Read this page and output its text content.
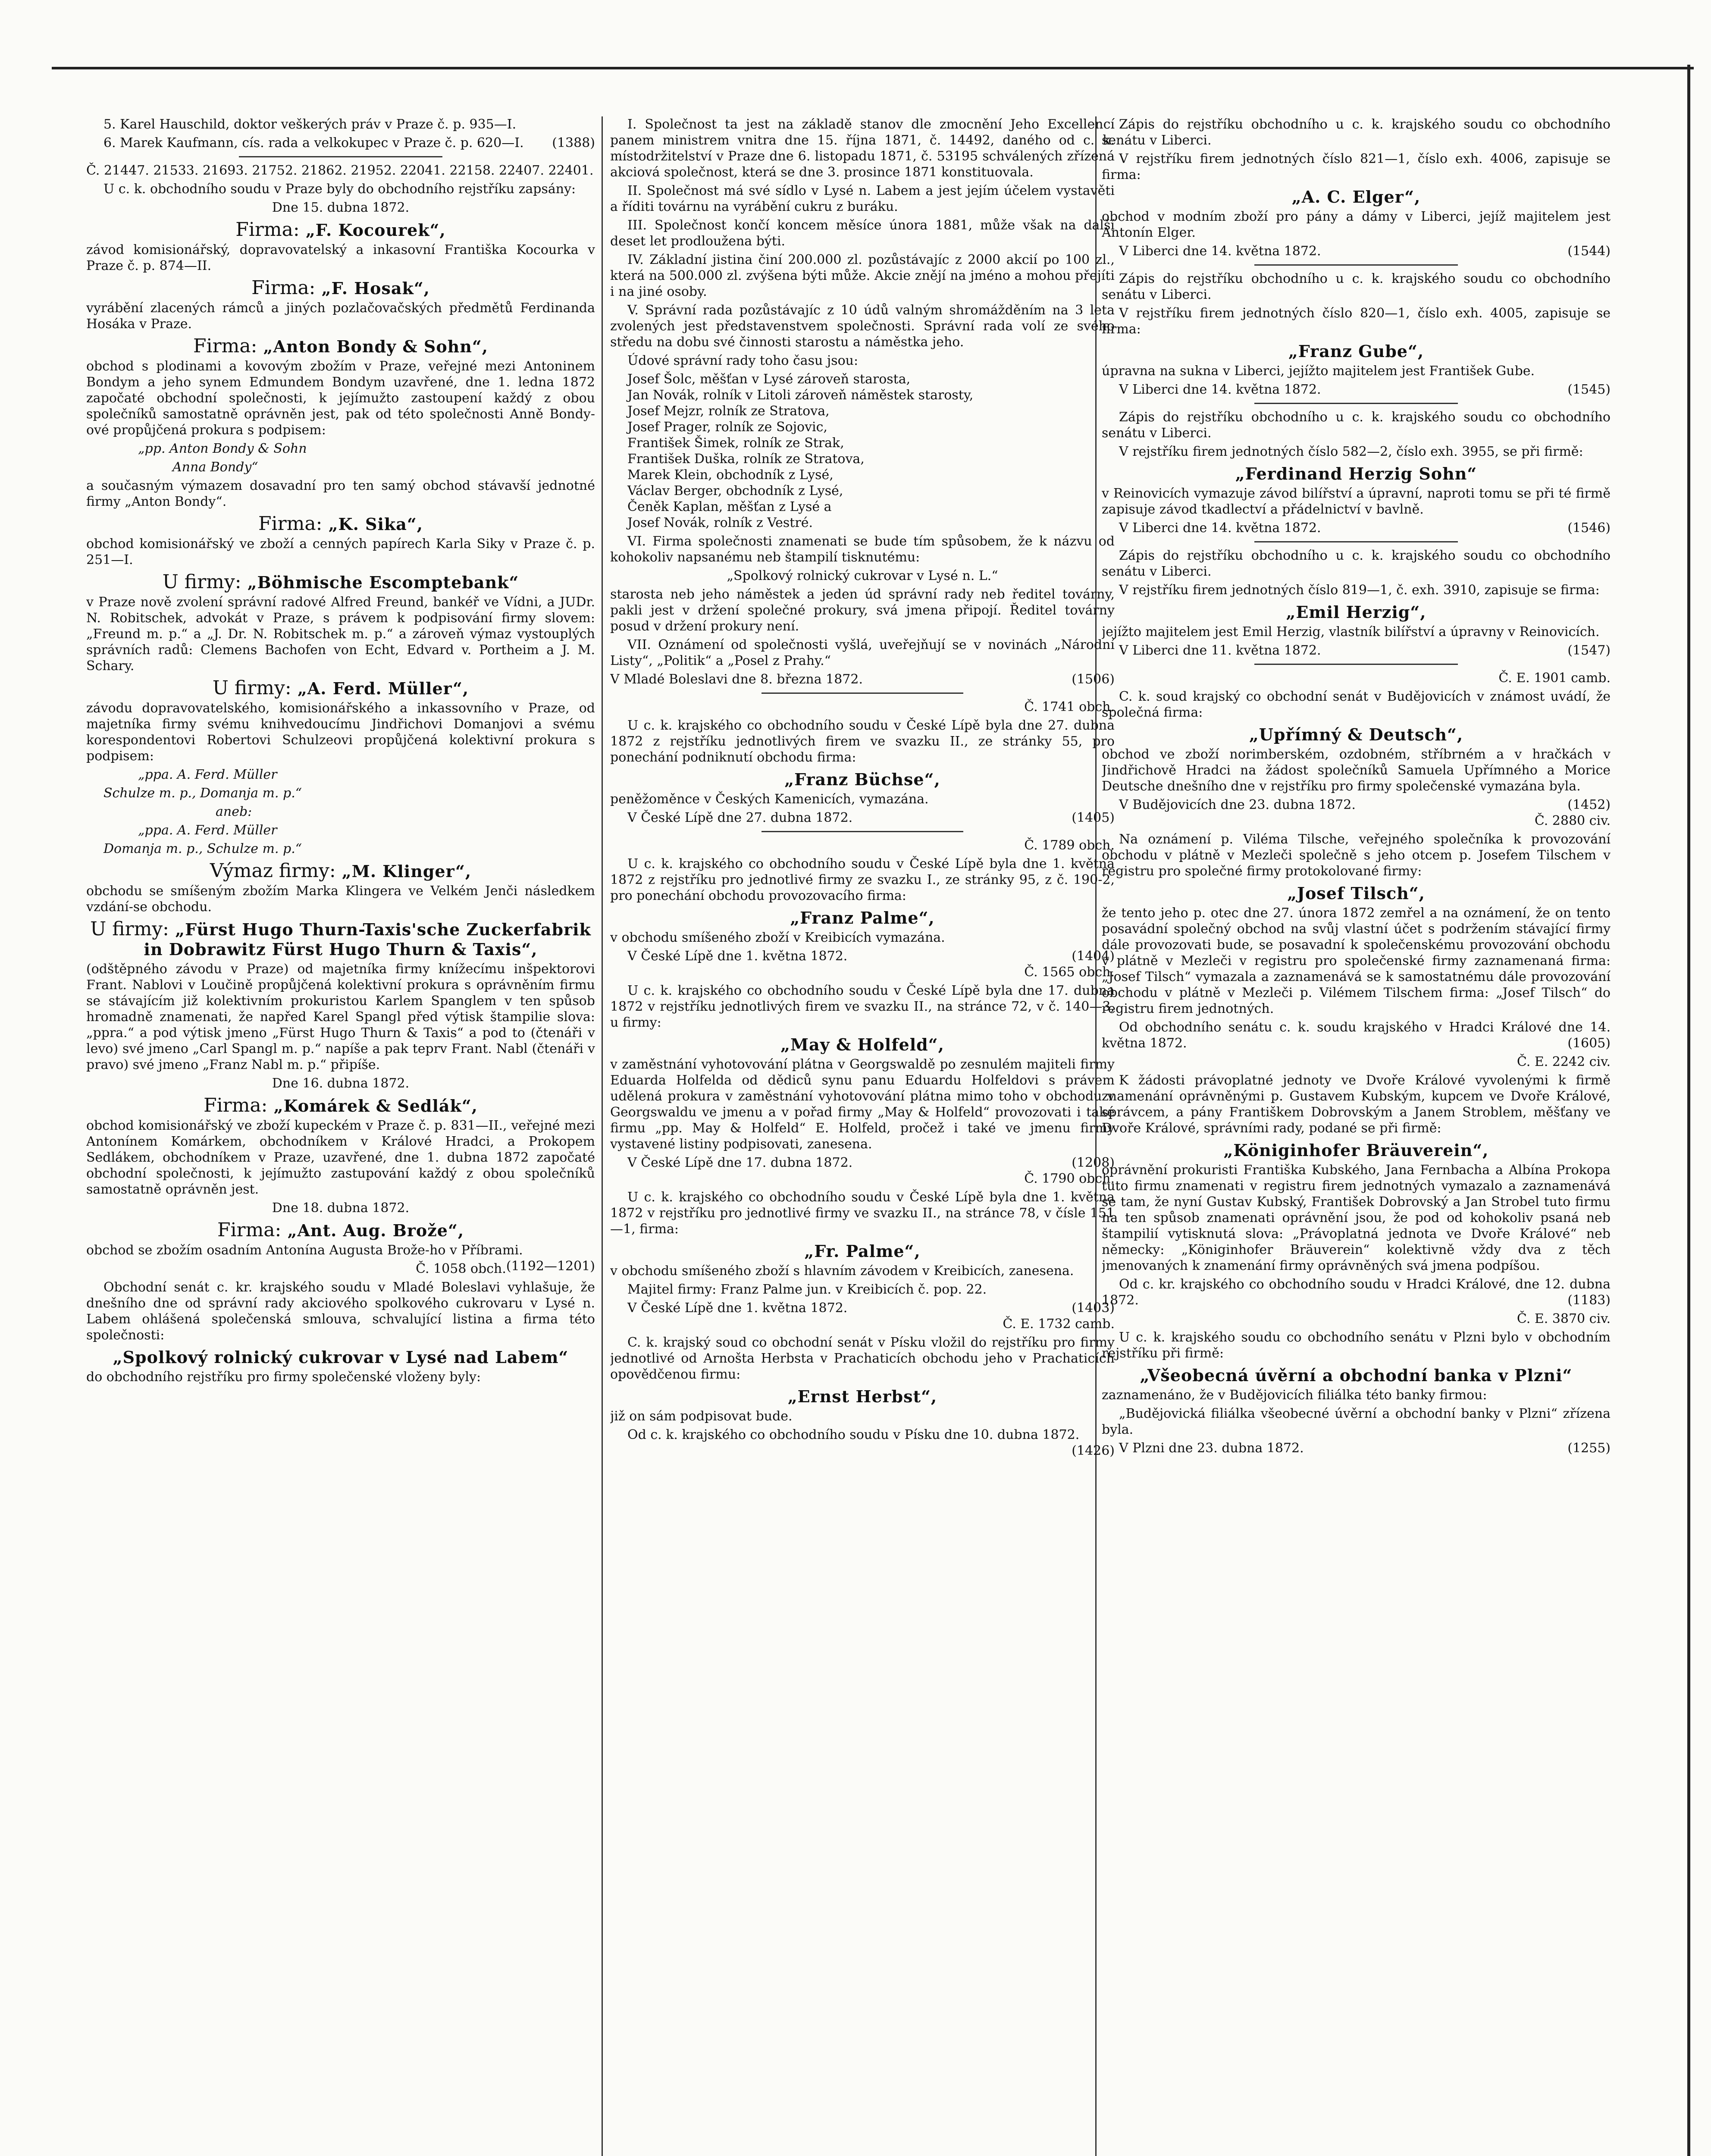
5. Karel Hauschild, doktor veškerých práv v Praze č. p. 935—I.

6. Marek Kaufmann, cís. rada a velkokupec v Praze č. p. 620—I.	(1388)

Č. 21447. 21533. 21693. 21752. 21862. 21952. 22041. 22158. 22407. 22401.

U c. k. obchodního soudu v Praze byly do obchodního rejstříku zapsány:

Dne 15. dubna 1872.

Firma: „F. Kocourek“,

závod komisionářský, dopravovatelský a inkasovní Františka Kocourka v Praze č. p. 874—II.

Firma: „F. Hosak“,

vyrábění zlacených rámců a jiných pozlačovačských předmětů Ferdinanda Hosáka v Praze.

Firma: „Anton Bondy & Sohn“,

obchod s plodinami a kovovým zbožím v Praze, veřejné mezi Antoninem Bondym a jeho synem Edmundem Bondym uzavřené, dne 1. ledna 1872 započaté obchodní společnosti, k jejímužto zastoupení každý z obou společníků samostatně oprávněn jest, pak od této společnosti Anně Bondy-ové propůjčená prokura s podpisem:

„pp. Anton Bondy & Sohn

Anna Bondy“

a současným výmazem dosavadní pro ten samý obchod stávavší jednotné firmy „Anton Bondy“.

Firma: „K. Sika“,

obchod komisionářský ve zboží a cenných papírech Karla Siky v Praze č. p. 251—I.

U firmy: „Böhmische Escomptebank“

v Praze nově zvolení správní radové Alfred Freund, bankéř ve Vídni, a JUDr. N. Robitschek, advokát v Praze, s právem k podpisování firmy slovem: „Freund m. p.“ a „J. Dr. N. Robitschek m. p.“ a zároveň výmaz vystouplých správních radů: Clemens Bachofen von Echt, Edvard v. Portheim a J. M. Schary.

U firmy: „A. Ferd. Müller“,

závodu dopravovatelského, komisionářského a inkassovního v Praze, od majetníka firmy svému knihvedoucímu Jindřichovi Domanjovi a svému korespondentovi Robertovi Schulzeovi propůjčená kolektivní prokura s podpisem:

„ppa. A. Ferd. Müller

Schulze m. p., Domanja m. p.“

aneb:

„ppa. A. Ferd. Müller

Domanja m. p., Schulze m. p.“

Výmaz firmy: „M. Klinger“,

obchodu se smíšeným zbožím Marka Klingera ve Velkém Jenči následkem vzdání-se obchodu.

U firmy: „Fürst Hugo Thurn-Taxis'sche Zuckerfabrik in Dobrawitz Fürst Hugo Thurn & Taxis“,

(odštěpného závodu v Praze) od majetníka firmy knížecímu inšpektorovi Frant. Nablovi v Loučině propůjčená kolektivní prokura s oprávněním firmu se stávajícím již kolektivním prokuristou Karlem Spanglem v ten spůsob hromadně znamenati, že napřed Karel Spangl před výtisk štampilie slova: „ppra.“ a pod výtisk jmeno „Fürst Hugo Thurn & Taxis“ a pod to (čtenáři v levo) své jmeno „Carl Spangl m. p.“ napíše a pak teprv Frant. Nabl (čtenáři v pravo) své jmeno „Franz Nabl m. p.“ připíše.

Dne 16. dubna 1872.

Firma: „Komárek & Sedlák“,

obchod komisionářský ve zboží kupeckém v Praze č. p. 831—II., veřejné mezi Antonínem Komárkem, obchodníkem v Králové Hradci, a Prokopem Sedlákem, obchodníkem v Praze, uzavřené, dne 1. dubna 1872 započaté obchodní společnosti, k jejímužto zastupování každý z obou společníků samostatně oprávněn jest.

Dne 18. dubna 1872.

Firma: „Ant. Aug. Brože“,

obchod se zbožím osadním Antonína Augusta Brože-ho v Příbrami.
(1192—1201)

Č. 1058 obch.

Obchodní senát c. kr. krajského soudu v Mladé Boleslavi vyhlašuje, že dnešního dne od správní rady akciového spolkového cukrovaru v Lysé n. Labem ohlášená společenská smlouva, schvalující listina a firma této společnosti:

„Spolkový rolnický cukrovar v Lysé nad Labem“

do obchodního rejstříku pro firmy společenské vloženy byly:

I. Společnost ta jest na základě stanov dle zmocnění Jeho Excellencí panem ministrem vnitra dne 15. října 1871, č. 14492, daného od c. k. místodržitelství v Praze dne 6. listopadu 1871, č. 53195 schválených zřízená akciová společnost, která se dne 3. prosince 1871 konstituovala.

II. Společnost má své sídlo v Lysé n. Labem a jest jejím účelem vystavěti a říditi továrnu na vyrábění cukru z buráku.

III. Společnost končí koncem měsíce února 1881, může však na další deset let prodloužena býti.

IV. Základní jistina činí 200.000 zl. pozůstávajíc z 2000 akcií po 100 zl., která na 500.000 zl. zvýšena býti může. Akcie znějí na jméno a mohou přejíti i na jiné osoby.

V. Správní rada pozůstávajíc z 10 údů valným shromážděním na 3 leta zvolených jest představenstvem společnosti. Správní rada volí ze svého středu na dobu své činnosti starostu a náměstka jeho.

Údové správní rady toho času jsou:

Josef Šolc, měšťan v Lysé zároveň starosta,

Jan Novák, rolník v Litoli zároveň náměstek starosty,

Josef Mejzr, rolník ze Stratova,

Josef Prager, rolník ze Sojovic,

František Šimek, rolník ze Strak,

František Duška, rolník ze Stratova,

Marek Klein, obchodník z Lysé,

Václav Berger, obchodník z Lysé,

Čeněk Kaplan, měšťan z Lysé a

Josef Novák, rolník z Vestré.

VI. Firma společnosti znamenati se bude tím spůsobem, že k názvu od kohokoliv napsanému neb štampilí tisknutému:

„Spolkový rolnický cukrovar v Lysé n. L.“

starosta neb jeho náměstek a jeden úd správní rady neb ředitel továrny, pakli jest v držení společné prokury, svá jmena připojí. Ředitel továrny posud v držení prokury není.

VII. Oznámení od společnosti vyšlá, uveřejňují se v novinách „Národní Listy“, „Politik“ a „Posel z Prahy.“

V Mladé Boleslavi dne 8. března 1872.	(1506)

Č. 1741 obch.

U c. k. krajského co obchodního soudu v České Lípě byla dne 27. dubna 1872 z rejstříku jednotlivých firem ve svazku II., ze stránky 55, pro ponechání podniknutí obchodu firma:

„Franz Büchse“,

peněžoměnce v Českých Kamenicích, vymazána.

V České Lípě dne 27. dubna 1872.	(1405)

Č. 1789 obch.

U c. k. krajského co obchodního soudu v České Lípě byla dne 1. května 1872 z rejstříku pro jednotlivé firmy ze svazku I., ze stránky 95, z č. 190-2, pro ponechání obchodu provozovacího firma:

„Franz Palme“,

v obchodu smíšeného zboží v Kreibicích vymazána.

V České Lípě dne 1. května 1872.	(1404)

Č. 1565 obch.

U c. k. krajského co obchodního soudu v České Lípě byla dne 17. dubna 1872 v rejstříku jednotlivých firem ve svazku II., na stránce 72, v č. 140—3, u firmy:

„May & Holfeld“,

v zaměstnání vyhotovování plátna v Georgswaldě po zesnulém majiteli firmy Eduarda Holfelda od dědiců synu panu Eduardu Holfeldovi s právem udělená prokura v zaměstnání vyhotovování plátna mimo toho v obchodu v Georgswaldu ve jmenu a v pořad firmy „May & Holfeld“ provozovati i také firmu „pp. May & Holfeld“ E. Holfeld, pročež i také ve jmenu firmy vystavené listiny podpisovati, zanesena.

V České Lípě dne 17. dubna 1872.	(1208)

Č. 1790 obch.

U c. k. krajského co obchodního soudu v České Lípě byla dne 1. května 1872 v rejstříku pro jednotlivé firmy ve svazku II., na stránce 78, v čísle 151—1, firma:

„Fr. Palme“,

v obchodu smíšeného zboží s hlavním závodem v Kreibicích, zanesena.

Majitel firmy: Franz Palme jun. v Kreibicích č. pop. 22.

V České Lípě dne 1. května 1872.	(1403)

Č. E. 1732 camb.

C. k. krajský soud co obchodní senát v Písku vložil do rejstříku pro firmy jednotlivé od Arnošta Herbsta v Prachaticích obchodu jeho v Prachaticích opovědčenou firmu:

„Ernst Herbst“,

již on sám podpisovat bude.

Od c. k. krajského co obchodního soudu v Písku dne 10. dubna 1872.
(1426)

Zápis do rejstříku obchodního u c. k. krajského soudu co obchodního senátu v Liberci.

V rejstříku firem jednotných číslo 821—1, číslo exh. 4006, zapisuje se firma:

„A. C. Elger“,

obchod v modním zboží pro pány a dámy v Liberci, jejíž majitelem jest Antonín Elger.

V Liberci dne 14. května 1872.	(1544)

Zápis do rejstříku obchodního u c. k. krajského soudu co obchodního senátu v Liberci.

V rejstříku firem jednotných číslo 820—1, číslo exh. 4005, zapisuje se firma:

„Franz Gube“,

úpravna na sukna v Liberci, jejížto majitelem jest František Gube.

V Liberci dne 14. května 1872.	(1545)

Zápis do rejstříku obchodního u c. k. krajského soudu co obchodního senátu v Liberci.

V rejstříku firem jednotných číslo 582—2, číslo exh. 3955, se při firmě:

„Ferdinand Herzig Sohn“

v Reinovicích vymazuje závod bilířství a úpravní, naproti tomu se při té firmě zapisuje závod tkadlectví a přádelnictví v bavlně.

V Liberci dne 14. května 1872.	(1546)

Zápis do rejstříku obchodního u c. k. krajského soudu co obchodního senátu v Liberci.

V rejstříku firem jednotných číslo 819—1, č. exh. 3910, zapisuje se firma:

„Emil Herzig“,

jejížto majitelem jest Emil Herzig, vlastník bilířství a úpravny v Reinovicích.

V Liberci dne 11. května 1872.	(1547)

Č. E. 1901 camb.

C. k. soud krajský co obchodní senát v Budějovicích v známost uvádí, že společná firma:

„Upřímný & Deutsch“,

obchod ve zboží norimberském, ozdobném, stříbrném a v hračkách v Jindřichově Hradci na žádost společníků Samuela Upřímného a Morice Deutsche dnešního dne v rejstříku pro firmy společenské vymazána byla.

V Budějovicích dne 23. dubna 1872.	(1452)

Č. 2880 civ.

Na oznámení p. Viléma Tilsche, veřejného společníka k provozování obchodu v plátně v Mezleči společně s jeho otcem p. Josefem Tilschem v registru pro společné firmy protokolované firmy:

„Josef Tilsch“,

že tento jeho p. otec dne 27. února 1872 zemřel a na oznámení, že on tento posavádní společný obchod na svůj vlastní účet s podržením stávající firmy dále provozovati bude, se posavadní k společenskému provozování obchodu v plátně v Mezleči v registru pro společenské firmy zaznamenaná firma: „Josef Tilsch“ vymazala a zaznamenává se k samostatnému dále provozování obchodu v plátně v Mezleči p. Vilémem Tilschem firma: „Josef Tilsch“ do registru firem jednotných.

Od obchodního senátu c. k. soudu krajského v Hradci Králové dne 14. května 1872.	(1605)

Č. E. 2242 civ.

K žádosti právoplatné jednoty ve Dvoře Králové vyvolenými k firmě znamenání oprávněnými p. Gustavem Kubským, kupcem ve Dvoře Králové, správcem, a pány Františkem Dobrovským a Janem Stroblem, měšťany ve Dvoře Králové, správními rady, podané se při firmě:

„Königinhofer Bräuverein“,

oprávnění prokuristi Františka Kubského, Jana Fernbacha a Albína Prokopa tuto firmu znamenati v registru firem jednotných vymazalo a zaznamenává se tam, že nyní Gustav Kubský, František Dobrovský a Jan Strobel tuto firmu na ten spůsob znamenati oprávnění jsou, že pod od kohokoliv psaná neb štampilií vytisknutá slova: „Právoplatná jednota ve Dvoře Králové“ neb německy: „Königinhofer Bräuverein“ kolektivně vždy dva z těch jmenovaných k znamenání firmy oprávněných svá jmena podpíšou.

Od c. kr. krajského co obchodního soudu v Hradci Králové, dne 12. dubna 1872.	(1183)

Č. E. 3870 civ.

U c. k. krajského soudu co obchodního senátu v Plzni bylo v obchodním rejstříku při firmě:

„Všeobecná úvěrní a obchodní banka v Plzni“

zaznamenáno, že v Budějovicích filiálka této banky firmou:

„Budějovická filiálka všeobecné úvěrní a obchodní banky v Plzni“ zřízena byla.

V Plzni dne 23. dubna 1872.	(1255)
